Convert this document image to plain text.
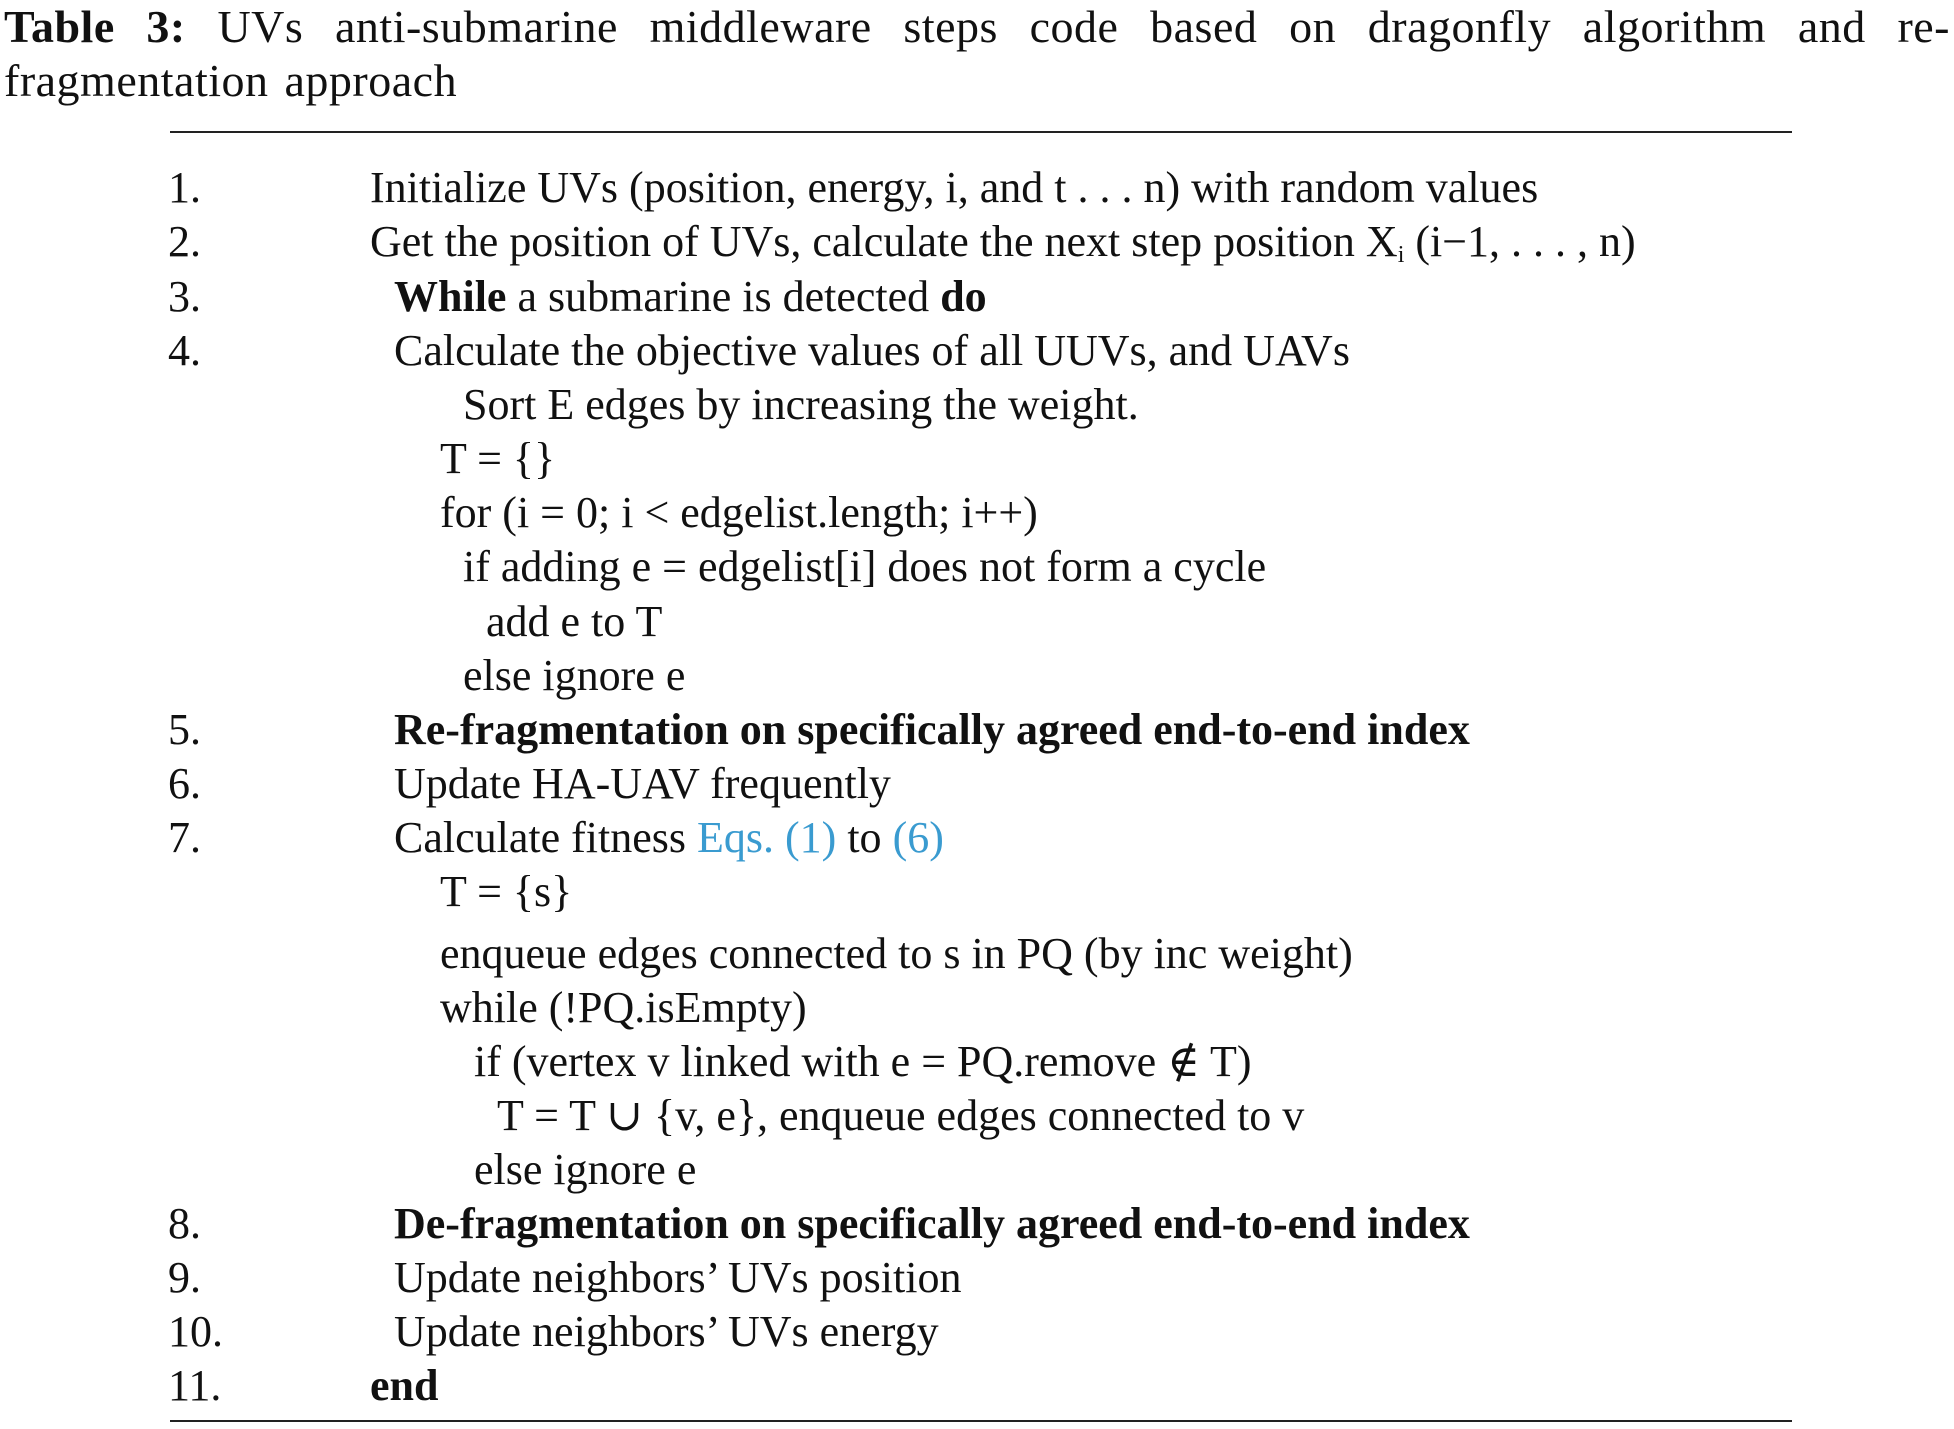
Table 3: UVs anti-submarine middleware steps code based on dragonfly algorithm and re-fragmentation approach
1.	Initialize UVs (position, energy, i, and t . . . n) with random values
2.	Get the position of UVs, calculate the next step position $X_i$ (i−1, . . . , n)
3.	While a submarine is detected do
4.	Calculate the objective values of all UUVs, and UAVs
Sort E edges by increasing the weight.
T = {}
for (i = 0; i < edgelist.length; i++)
if adding e = edgelist[i] does not form a cycle
add e to T
else ignore e
5.	Re-fragmentation on specifically agreed end-to-end index
6.	Update HA-UAV frequently
7.	Calculate fitness Eqs. (1) to (6)
T = {s}
enqueue edges connected to s in PQ (by inc weight)
while (!PQ.isEmpty)
if (vertex v linked with e = PQ.remove ∉ T)
T = T ∪ {v, e}, enqueue edges connected to v
else ignore e
8.	De-fragmentation on specifically agreed end-to-end index
9.	Update neighbors’ UVs position
10.	Update neighbors’ UVs energy
11.	end
